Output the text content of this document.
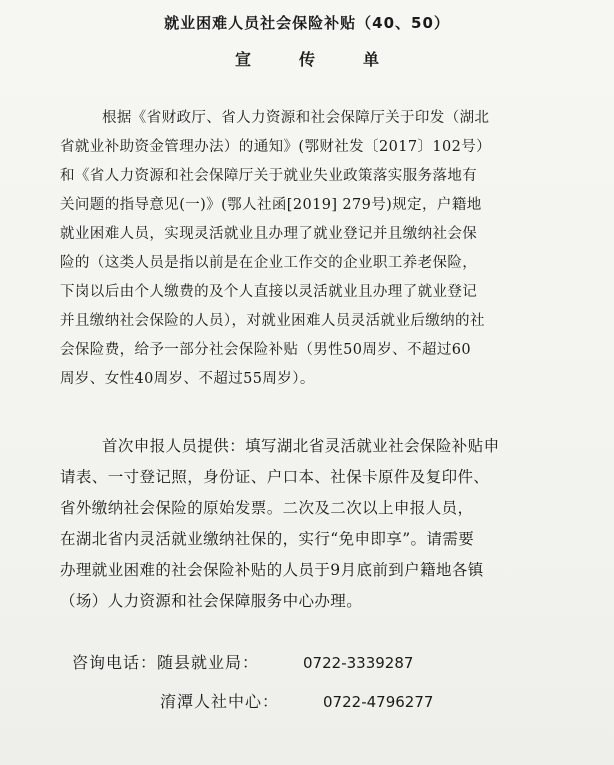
就业困难人员社会保险补贴（40、50）
宣	传	单
根据《省财政厅、省人力资源和社会保障厅关于印发（湖北
省就业补助资金管理办法）的通知》(鄂财社发〔2017〕102号）
和《省人力资源和社会保障厅关于就业失业政策落实服务落地有
关问题的指导意见(一)》(鄂人社函[2019] 279号)规定，户籍地
就业困难人员，实现灵活就业且办理了就业登记并且缴纳社会保
险的（这类人员是指以前是在企业工作交的企业职工养老保险，
下岗以后由个人缴费的及个人直接以灵活就业且办理了就业登记
并且缴纳社会保险的人员），对就业困难人员灵活就业后缴纳的社
会保险费，给予一部分社会保险补贴（男性50周岁、不超过60
周岁、女性40周岁、不超过55周岁）。
首次申报人员提供：填写湖北省灵活就业社会保险补贴申
请表、一寸登记照，身份证、户口本、社保卡原件及复印件、
省外缴纳社会保险的原始发票。二次及二次以上申报人员，
在湖北省内灵活就业缴纳社保的，实行“免申即享”。请需要
办理就业困难的社会保险补贴的人员于9月底前到户籍地各镇
（场）人力资源和社会保障服务中心办理。
咨询电话：随县就业局：	0722-3339287
淯潭人社中心：	0722-4796277
